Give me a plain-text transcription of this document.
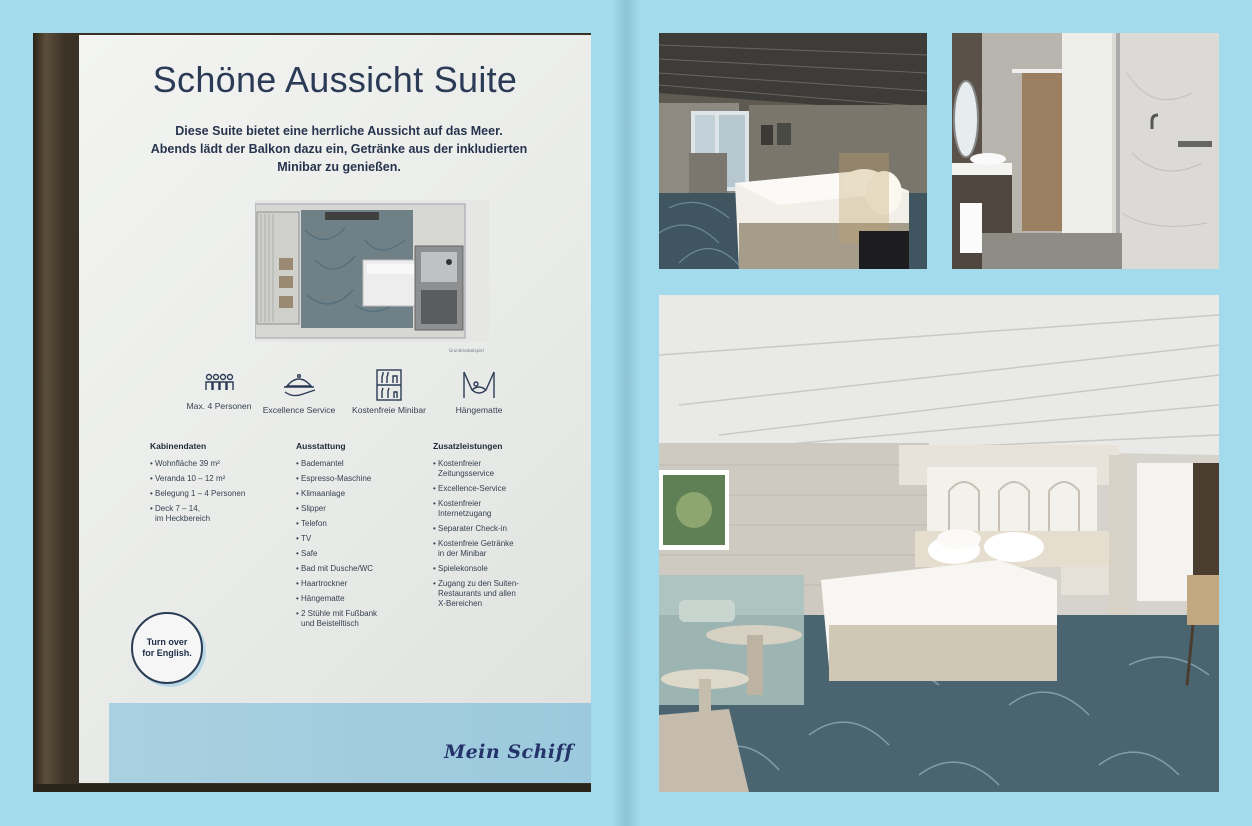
Schöne Aussicht Suite
Diese Suite bietet eine herrliche Aussicht auf das Meer.
Abends lädt der Balkon dazu ein, Getränke aus der inkludierten
Minibar zu genießen.
Grundrissbeispiel
Max. 4 Personen	Excellence Service	Kostenfreie Minibar	Hängematte
Kabinendaten
• Wohnfläche 39 m²
• Veranda 10 – 12 m²
• Belegung 1 – 4 Personen
• Deck 7 – 14,
im Heckbereich
Ausstattung
• Bademantel
• Espresso-Maschine
• Klimaanlage
• Slipper
• Telefon
• TV
• Safe
• Bad mit Dusche/WC
• Haartrockner
• Hängematte
• 2 Stühle mit Fußbank
und Beistelltisch
Zusatzleistungen
• Kostenfreier
Zeitungsservice
• Excellence-Service
• Kostenfreier
Internetzugang
• Separater Check-in
• Kostenfreie Getränke
in der Minibar
• Spielekonsole
• Zugang zu den Suiten-
Restaurants und allen
X-Bereichen
Turn over
for English.
Mein Schiff
